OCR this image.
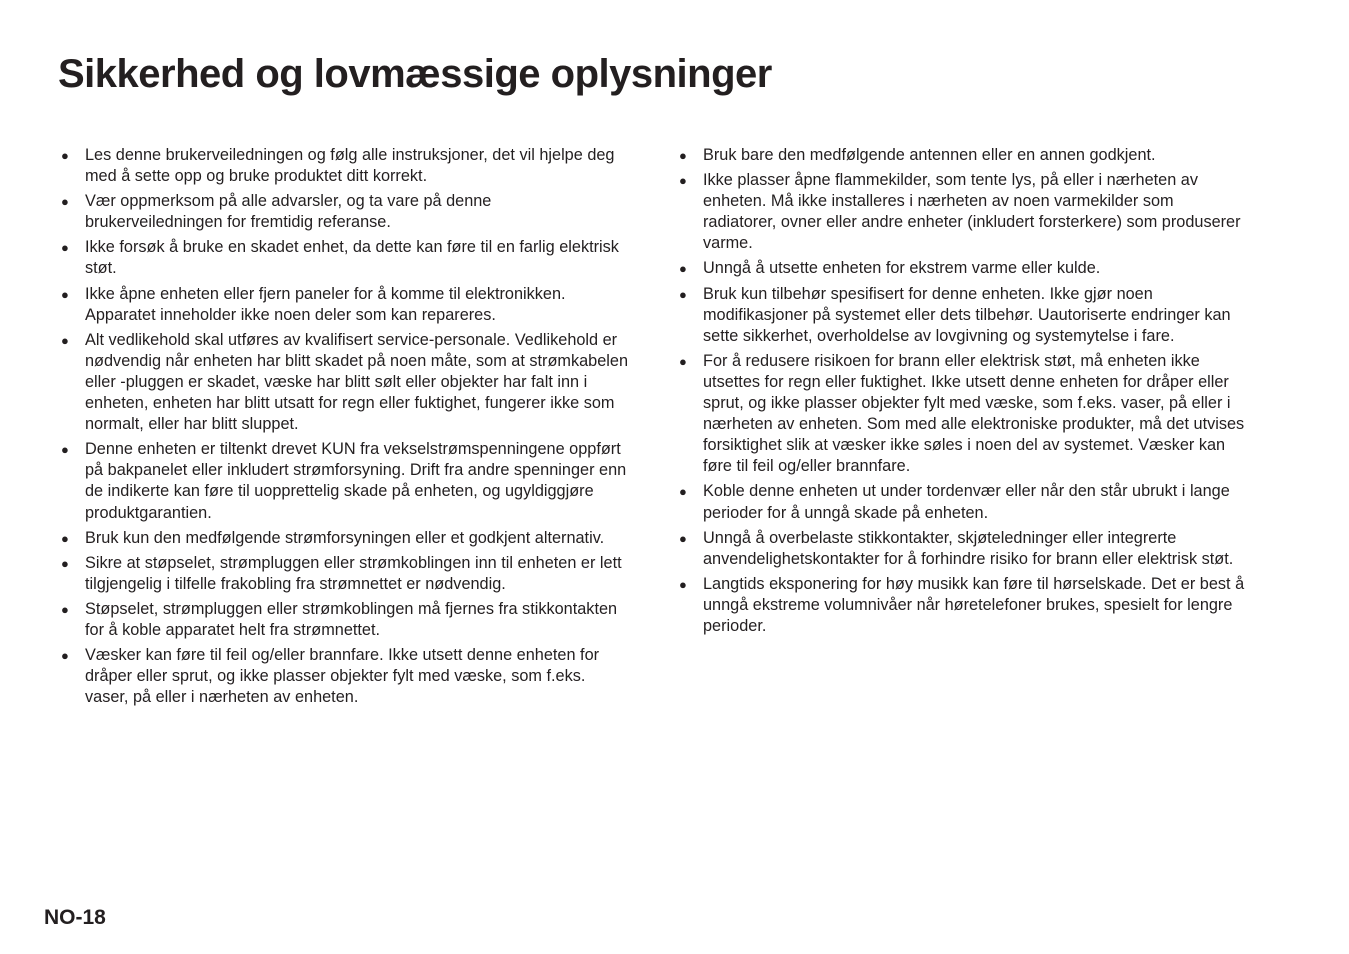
Sikkerhed og lovmæssige oplysninger
● Les denne brukerveiledningen og følg alle instruksjoner, det vil hjelpe deg med å sette opp og bruke produktet ditt korrekt.
● Vær oppmerksom på alle advarsler, og ta vare på denne brukerveiledningen for fremtidig referanse.
● Ikke forsøk å bruke en skadet enhet, da dette kan føre til en farlig elektrisk støt.
● Ikke åpne enheten eller fjern paneler for å komme til elektronikken. Apparatet inneholder ikke noen deler som kan repareres.
● Alt vedlikehold skal utføres av kvalifisert service-personale. Vedlikehold er nødvendig når enheten har blitt skadet på noen måte, som at strømkabelen eller -pluggen er skadet, væske har blitt sølt eller objekter har falt inn i enheten, enheten har blitt utsatt for regn eller fuktighet, fungerer ikke som normalt, eller har blitt sluppet.
● Denne enheten er tiltenkt drevet KUN fra vekselstrømspenningene oppført på bakpanelet eller inkludert strømforsyning. Drift fra andre spenninger enn de indikerte kan føre til uopprettelig skade på enheten, og ugyldiggjøre produktgarantien.
● Bruk kun den medfølgende strømforsyningen eller et godkjent alternativ.
● Sikre at støpselet, strømpluggen eller strømkoblingen inn til enheten er lett tilgjengelig i tilfelle frakobling fra strømnettet er nødvendig.
● Støpselet, strømpluggen eller strømkoblingen må fjernes fra stikkontakten for å koble apparatet helt fra strømnettet.
● Væsker kan føre til feil og/eller brannfare. Ikke utsett denne enheten for dråper eller sprut, og ikke plasser objekter fylt med væske, som f.eks. vaser, på eller i nærheten av enheten.
● Bruk bare den medfølgende antennen eller en annen godkjent.
● Ikke plasser åpne flammekilder, som tente lys, på eller i nærheten av enheten. Må ikke installeres i nærheten av noen varmekilder som radiatorer, ovner eller andre enheter (inkludert forsterkere) som produserer varme.
● Unngå å utsette enheten for ekstrem varme eller kulde.
● Bruk kun tilbehør spesifisert for denne enheten. Ikke gjør noen modifikasjoner på systemet eller dets tilbehør. Uautoriserte endringer kan sette sikkerhet, overholdelse av lovgivning og systemytelse i fare.
● For å redusere risikoen for brann eller elektrisk støt, må enheten ikke utsettes for regn eller fuktighet. Ikke utsett denne enheten for dråper eller sprut, og ikke plasser objekter fylt med væske, som f.eks. vaser, på eller i nærheten av enheten. Som med alle elektroniske produkter, må det utvises forsiktighet slik at væsker ikke søles i noen del av systemet. Væsker kan føre til feil og/eller brannfare.
● Koble denne enheten ut under tordenvær eller når den står ubrukt i lange perioder for å unngå skade på enheten.
● Unngå å overbelaste stikkontakter, skjøteledninger eller integrerte anvendelighetskontakter for å forhindre risiko for brann eller elektrisk støt.
● Langtids eksponering for høy musikk kan føre til hørselskade. Det er best å unngå ekstreme volumnivåer når høretelefoner brukes, spesielt for lengre perioder.
NO-18
